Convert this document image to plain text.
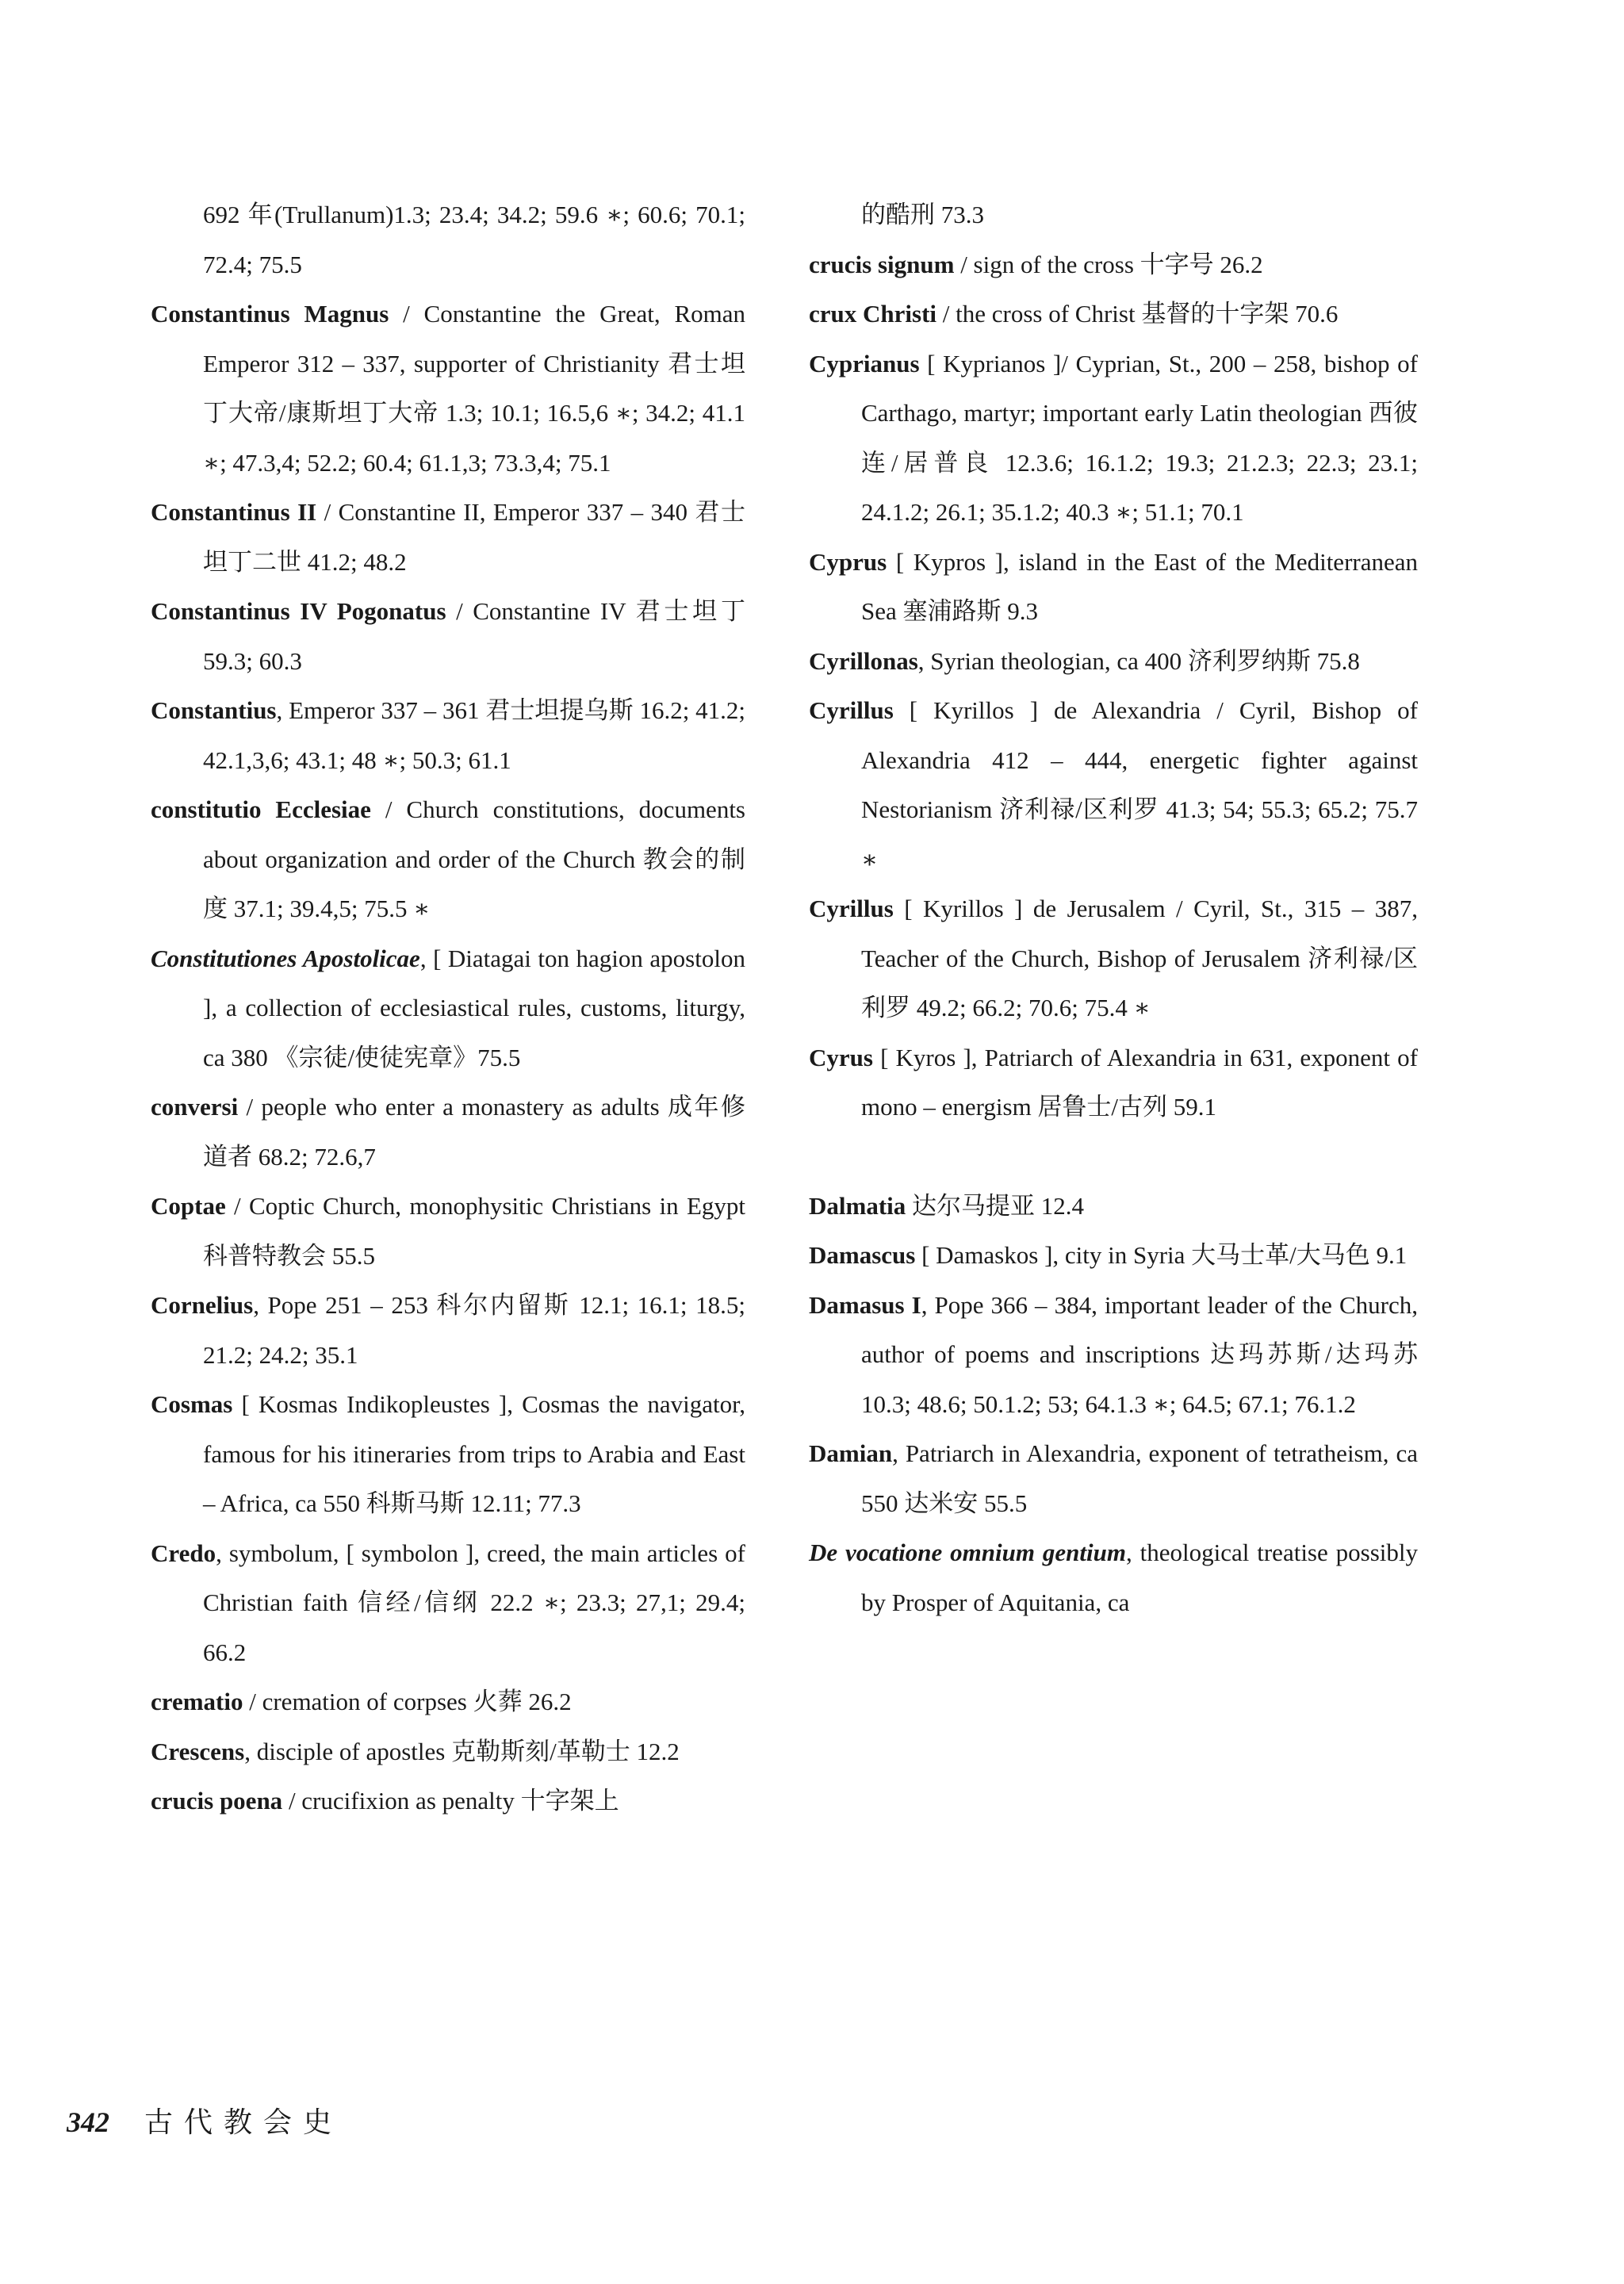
692 年(Trullanum)1.3; 23.4; 34.2; 59.6 ∗; 60.6; 70.1; 72.4; 75.5

Constantinus Magnus / Constantine the Great, Roman Emperor 312 – 337, supporter of Christianity 君士坦丁大帝/康斯坦丁大帝 1.3; 10.1; 16.5,6 ∗; 34.2; 41.1 ∗; 47.3,4; 52.2; 60.4; 61.1,3; 73.3,4; 75.1

Constantinus II / Constantine II, Emperor 337 – 340 君士坦丁二世 41.2; 48.2

Constantinus IV Pogonatus / Constantine IV 君士坦丁 59.3; 60.3

Constantius, Emperor 337 – 361 君士坦提乌斯 16.2; 41.2; 42.1,3,6; 43.1; 48 ∗; 50.3; 61.1

constitutio Ecclesiae / Church constitutions, documents about organization and order of the Church 教会的制度 37.1; 39.4,5; 75.5 ∗

Constitutiones Apostolicae, [ Diatagai ton hagion apostolon ], a collection of ecclesiastical rules, customs, liturgy, ca 380 《宗徒/使徒宪章》75.5

conversi / people who enter a monastery as adults 成年修道者 68.2; 72.6,7

Coptae / Coptic Church, monophysitic Christians in Egypt 科普特教会 55.5

Cornelius, Pope 251 – 253 科尔内留斯 12.1; 16.1; 18.5; 21.2; 24.2; 35.1

Cosmas [ Kosmas Indikopleustes ], Cosmas the navigator, famous for his itineraries from trips to Arabia and East – Africa, ca 550 科斯马斯 12.11; 77.3

Credo, symbolum, [ symbolon ], creed, the main articles of Christian faith 信经/信纲 22.2 ∗; 23.3; 27,1; 29.4; 66.2

crematio / cremation of corpses 火葬 26.2

Crescens, disciple of apostles 克勒斯刻/革勒士 12.2

crucis poena / crucifixion as penalty 十字架上

的酷刑 73.3

crucis signum / sign of the cross 十字号 26.2

crux Christi / the cross of Christ 基督的十字架 70.6

Cyprianus [ Kyprianos ]/ Cyprian, St., 200 – 258, bishop of Carthago, martyr; important early Latin theologian 西彼连/居普良 12.3.6; 16.1.2; 19.3; 21.2.3; 22.3; 23.1; 24.1.2; 26.1; 35.1.2; 40.3 ∗; 51.1; 70.1

Cyprus [ Kypros ], island in the East of the Mediterranean Sea 塞浦路斯 9.3

Cyrillonas, Syrian theologian, ca 400 济利罗纳斯 75.8

Cyrillus [ Kyrillos ] de Alexandria / Cyril, Bishop of Alexandria 412 – 444, energetic fighter against Nestorianism 济利禄/区利罗 41.3; 54; 55.3; 65.2; 75.7 ∗

Cyrillus [ Kyrillos ] de Jerusalem / Cyril, St., 315 – 387, Teacher of the Church, Bishop of Jerusalem 济利禄/区利罗 49.2; 66.2; 70.6; 75.4 ∗

Cyrus [ Kyros ], Patriarch of Alexandria in 631, exponent of mono – energism 居鲁士/古列 59.1

Dalmatia 达尔马提亚 12.4

Damascus [ Damaskos ], city in Syria 大马士革/大马色 9.1

Damasus I, Pope 366 – 384, important leader of the Church, author of poems and inscriptions 达玛苏斯/达玛苏 10.3; 48.6; 50.1.2; 53; 64.1.3 ∗; 64.5; 67.1; 76.1.2

Damian, Patriarch in Alexandria, exponent of tetratheism, ca 550 达米安 55.5

De vocatione omnium gentium, theological treatise possibly by Prosper of Aquitania, ca

342 古代教会史
